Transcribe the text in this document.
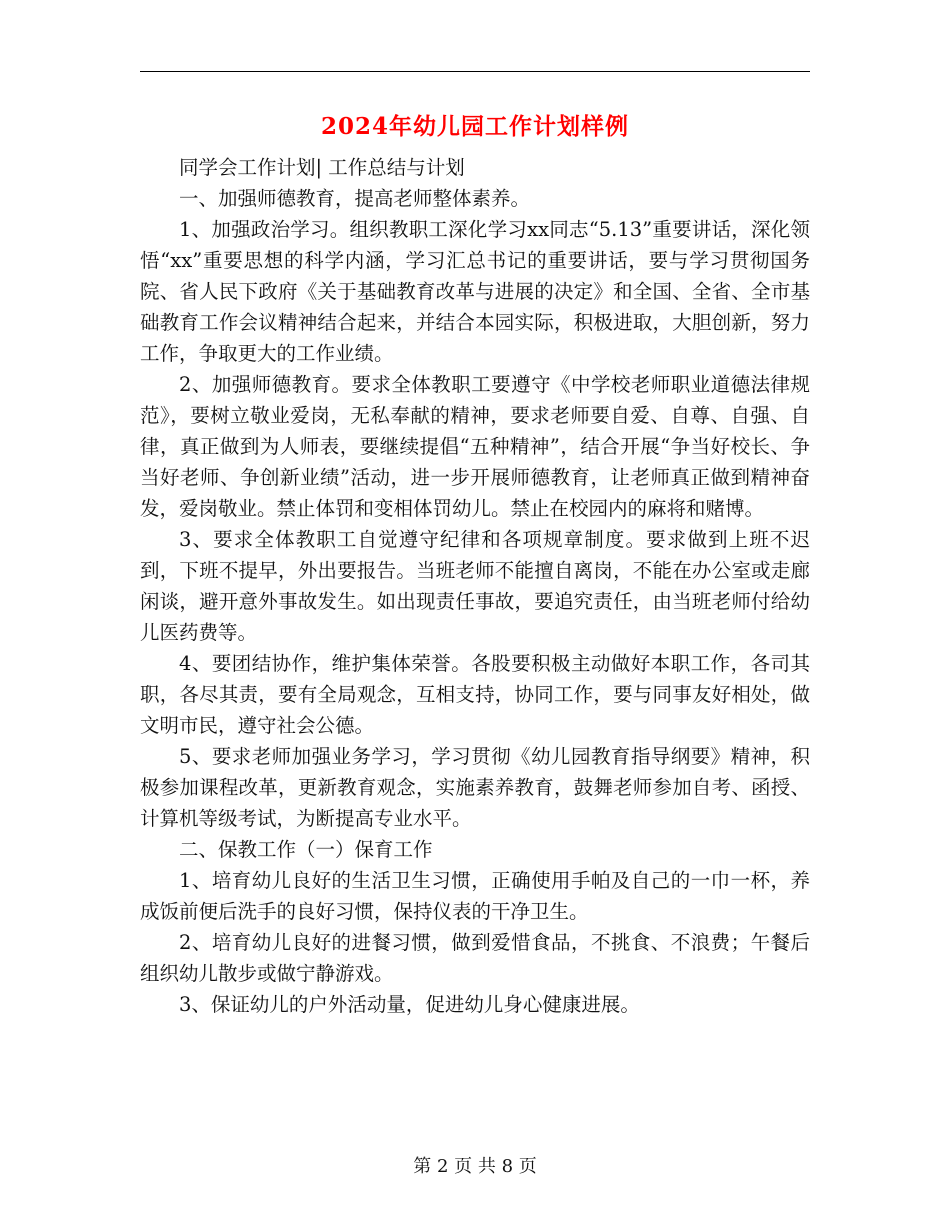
2024年幼儿园工作计划样例

同学会工作计划| 工作总结与计划

一、加强师德教育，提高老师整体素养。

1、加强政治学习。组织教职工深化学习xx同志“5.13”重要讲话，深化领悟“xx”重要思想的科学内涵，学习汇总书记的重要讲话，要与学习贯彻国务院、省人民下政府《关于基础教育改革与进展的决定》和全国、全省、全市基础教育工作会议精神结合起来，并结合本园实际，积极进取，大胆创新，努力工作，争取更大的工作业绩。

2、加强师德教育。要求全体教职工要遵守《中学校老师职业道德法律规范》，要树立敬业爱岗，无私奉献的精神，要求老师要自爱、自尊、自强、自律，真正做到为人师表，要继续提倡“五种精神”，结合开展“争当好校长、争当好老师、争创新业绩”活动，进一步开展师德教育，让老师真正做到精神奋发，爱岗敬业。禁止体罚和变相体罚幼儿。禁止在校园内的麻将和赌博。

3、要求全体教职工自觉遵守纪律和各项规章制度。要求做到上班不迟到，下班不提早，外出要报告。当班老师不能擅自离岗，不能在办公室或走廊闲谈，避开意外事故发生。如出现责任事故，要追究责任，由当班老师付给幼儿医药费等。

4、要团结协作，维护集体荣誉。各股要积极主动做好本职工作，各司其职，各尽其责，要有全局观念，互相支持，协同工作，要与同事友好相处，做文明市民，遵守社会公德。

5、要求老师加强业务学习，学习贯彻《幼儿园教育指导纲要》精神，积极参加课程改革，更新教育观念，实施素养教育，鼓舞老师参加自考、函授、计算机等级考试，为断提高专业水平。

二、保教工作（一）保育工作

1、培育幼儿良好的生活卫生习惯，正确使用手帕及自己的一巾一杯，养成饭前便后洗手的良好习惯，保持仪表的干净卫生。

2、培育幼儿良好的进餐习惯，做到爱惜食品，不挑食、不浪费；午餐后组织幼儿散步或做宁静游戏。

3、保证幼儿的户外活动量，促进幼儿身心健康进展。

第 2 页 共 8 页
